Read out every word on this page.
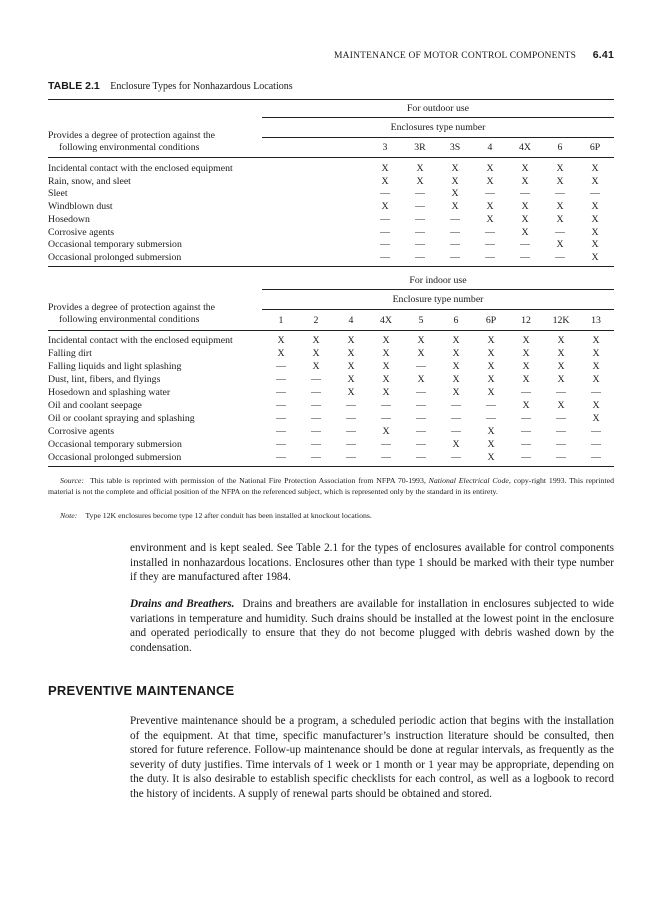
MAINTENANCE OF MOTOR CONTROL COMPONENTS 6.41
TABLE 2.1 Enclosure Types for Nonhazardous Locations
For outdoor use
Enclosures type number
Provides a degree of protection against the
following environmental conditions	3	3R	3S	4	4X	6	6P
Incidental contact with the enclosed equipment	X	X	X	X	X	X	X
Rain, snow, and sleet	X	X	X	X	X	X	X
Sleet	—	—	X	—	—	—	—
Windblown dust	X	—	X	X	X	X	X
Hosedown	—	—	—	X	X	X	X
Corrosive agents	—	—	—	—	X	—	X
Occasional temporary submersion	—	—	—	—	—	X	X
Occasional prolonged submersion	—	—	—	—	—	—	X
For indoor use
Enclosure type number
Provides a degree of protection against the
following environmental conditions	1	2	4	4X	5	6	6P	12	12K	13
Incidental contact with the enclosed equipment	X	X	X	X	X	X	X	X	X	X
Falling dirt	X	X	X	X	X	X	X	X	X	X
Falling liquids and light splashing	—	X	X	X	—	X	X	X	X	X
Dust, lint, fibers, and flyings	—	—	X	X	X	X	X	X	X	X
Hosedown and splashing water	—	—	X	X	—	X	X	—	—	—
Oil and coolant seepage	—	—	—	—	—	—	—	X	X	X
Oil or coolant spraying and splashing	—	—	—	—	—	—	—	—	—	X
Corrosive agents	—	—	—	X	—	—	X	—	—	—
Occasional temporary submersion	—	—	—	—	—	X	X	—	—	—
Occasional prolonged submersion	—	—	—	—	—	—	X	—	—	—
Source: This table is reprinted with permission of the National Fire Protection Association from NFPA 70-1993, National Electrical Code, copy-right 1993. This reprinted material is not the complete and official position of the NFPA on the referenced subject, which is represented only by the standard in its entirety.
Note: Type 12K enclosures become type 12 after conduit has been installed at knockout locations.

environment and is kept sealed. See Table 2.1 for the types of enclosures available for control components installed in nonhazardous locations. Enclosures other than type 1 should be marked with their type number if they are manufactured after 1984.

Drains and Breathers. Drains and breathers are available for installation in enclosures subjected to wide variations in temperature and humidity. Such drains should be installed at the lowest point in the enclosure and operated periodically to ensure that they do not become plugged with debris washed down by the condensation.

PREVENTIVE MAINTENANCE

Preventive maintenance should be a program, a scheduled periodic action that begins with the installation of the equipment. At that time, specific manufacturer’s instruction literature should be consulted, then stored for future reference. Follow-up maintenance should be done at regular intervals, as frequently as the severity of duty justifies. Time intervals of 1 week or 1 month or 1 year may be appropriate, depending on the duty. It is also desirable to establish specific checklists for each control, as well as a logbook to record the history of incidents. A supply of renewal parts should be obtained and stored.
